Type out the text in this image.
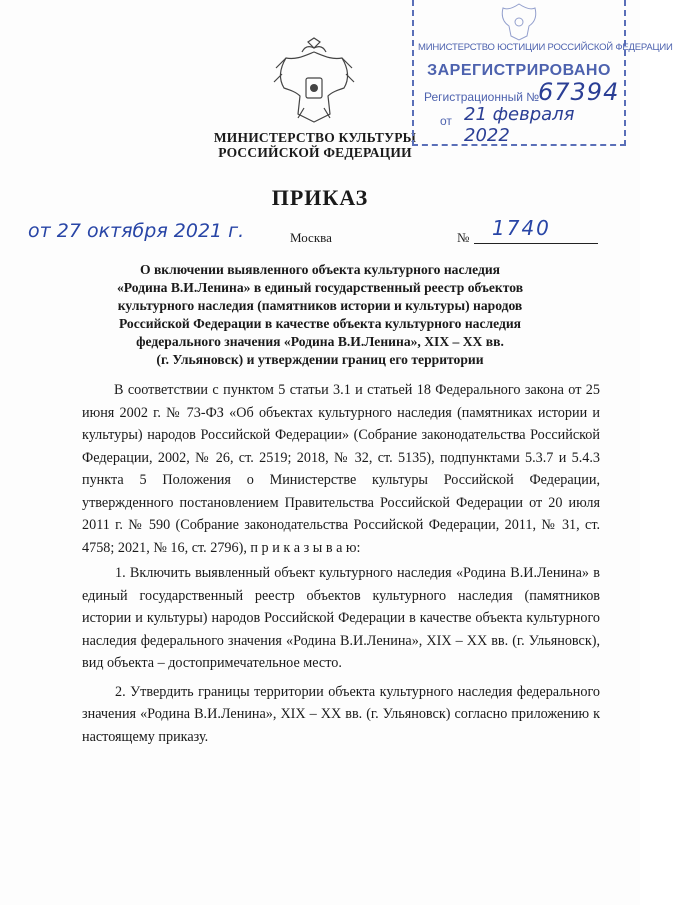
МИНИСТЕРСТВО КУЛЬТУРЫ
РОССИЙСКОЙ ФЕДЕРАЦИИ
МИНИСТЕРСТВО ЮСТИЦИИ РОССИЙСКОЙ ФЕДЕРАЦИИ
ЗАРЕГИСТРИРОВАНО
Регистрационный №
67394
от 21 февраля 2022
ПРИКАЗ
от 27 октября 2021 г.	Москва	№ 1740
О включении выявленного объекта культурного наследия
«Родина В.И.Ленина» в единый государственный реестр объектов
культурного наследия (памятников истории и культуры) народов
Российской Федерации в качестве объекта культурного наследия
федерального значения «Родина В.И.Ленина», XIX – XX вв.
(г. Ульяновск) и утверждении границ его территории

В соответствии с пунктом 5 статьи 3.1 и статьей 18 Федерального закона от 25 июня 2002 г. № 73-ФЗ «Об объектах культурного наследия (памятниках истории и культуры) народов Российской Федерации» (Собрание законодательства Российской Федерации, 2002, № 26, ст. 2519; 2018, № 32, ст. 5135), подпунктами 5.3.7 и 5.4.3 пункта 5 Положения о Министерстве культуры Российской Федерации, утвержденного постановлением Правительства Российской Федерации от 20 июля 2011 г. № 590 (Собрание законодательства Российской Федерации, 2011, № 31, ст. 4758; 2021, № 16, ст. 2796), п р и к а з ы в а ю:

1. Включить выявленный объект культурного наследия «Родина В.И.Ленина» в единый государственный реестр объектов культурного наследия (памятников истории и культуры) народов Российской Федерации в качестве объекта культурного наследия федерального значения «Родина В.И.Ленина», XIX – XX вв. (г. Ульяновск), вид объекта – достопримечательное место.

2. Утвердить границы территории объекта культурного наследия федерального значения «Родина В.И.Ленина», XIX – XX вв. (г. Ульяновск) согласно приложению к настоящему приказу.
